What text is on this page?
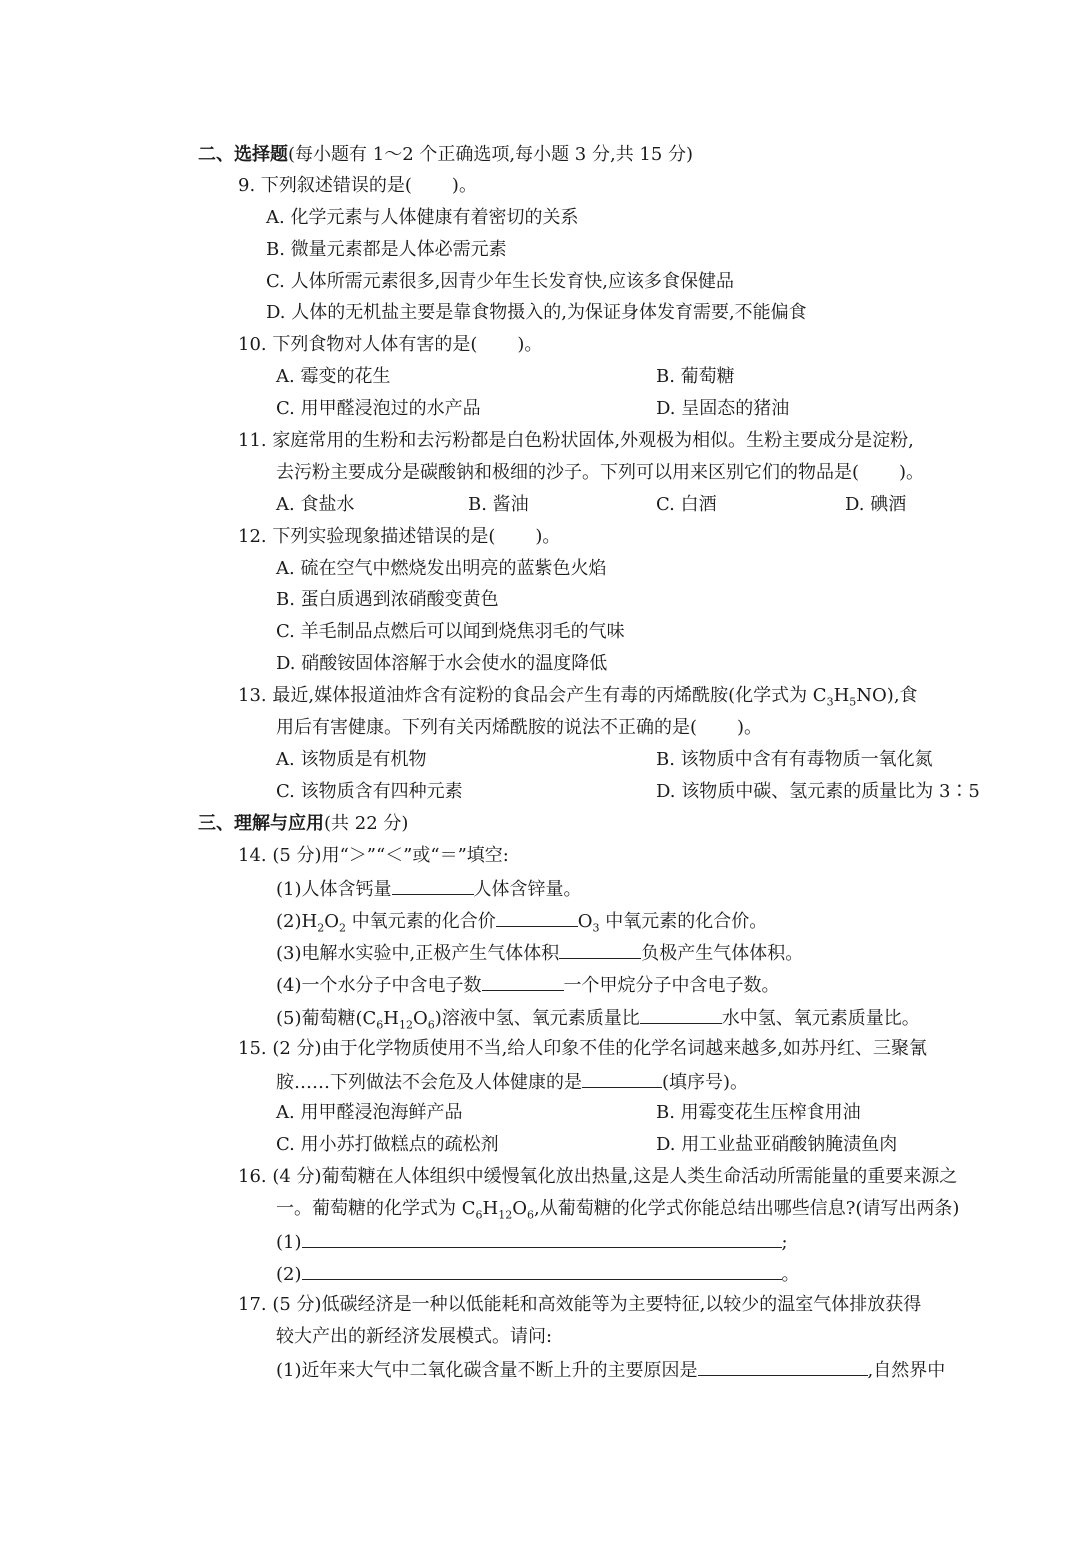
二、选择题(每小题有 1～2 个正确选项,每小题 3 分,共 15 分)
9. 下列叙述错误的是( )。
A. 化学元素与人体健康有着密切的关系
B. 微量元素都是人体必需元素
C. 人体所需元素很多,因青少年生长发育快,应该多食保健品
D. 人体的无机盐主要是靠食物摄入的,为保证身体发育需要,不能偏食
10. 下列食物对人体有害的是( )。
A. 霉变的花生	B. 葡萄糖
C. 用甲醛浸泡过的水产品	D. 呈固态的猪油
11. 家庭常用的生粉和去污粉都是白色粉状固体,外观极为相似。生粉主要成分是淀粉,
去污粉主要成分是碳酸钠和极细的沙子。下列可以用来区别它们的物品是( )。
A. 食盐水	B. 酱油	C. 白酒	D. 碘酒
12. 下列实验现象描述错误的是( )。
A. 硫在空气中燃烧发出明亮的蓝紫色火焰
B. 蛋白质遇到浓硝酸变黄色
C. 羊毛制品点燃后可以闻到烧焦羽毛的气味
D. 硝酸铵固体溶解于水会使水的温度降低
13. 最近,媒体报道油炸含有淀粉的食品会产生有毒的丙烯酰胺(化学式为 $C_3H_5NO$),食
用后有害健康。下列有关丙烯酰胺的说法不正确的是( )。
A. 该物质是有机物	B. 该物质中含有有毒物质一氧化氮
C. 该物质含有四种元素	D. 该物质中碳、氢元素的质量比为 3∶5
三、理解与应用(共 22 分)
14. (5 分)用“＞”“＜”或“＝”填空:
(1)人体含钙量	人体含锌量。
$(2)H_2O_2$ 中氧元素的化合价	$O_3$ 中氧元素的化合价。
(3)电解水实验中,正极产生气体体积	负极产生气体体积。
(4)一个水分子中含电子数	一个甲烷分子中含电子数。
(5)葡萄糖$(C_6H_{12}O_6)$溶液中氢、氧元素质量比	水中氢、氧元素质量比。
15. (2 分)由于化学物质使用不当,给人印象不佳的化学名词越来越多,如苏丹红、三聚氰
胺……下列做法不会危及人体健康的是	(填序号)。
A. 用甲醛浸泡海鲜产品	B. 用霉变花生压榨食用油
C. 用小苏打做糕点的疏松剂	D. 用工业盐亚硝酸钠腌渍鱼肉
16. (4 分)葡萄糖在人体组织中缓慢氧化放出热量,这是人类生命活动所需能量的重要来源之
一。葡萄糖的化学式为 $C_6H_{12}O_6$,从葡萄糖的化学式你能总结出哪些信息?(请写出两条)
(1)	;
(2)	。
17. (5 分)低碳经济是一种以低能耗和高效能等为主要特征,以较少的温室气体排放获得
较大产出的新经济发展模式。请问:
(1)近年来大气中二氧化碳含量不断上升的主要原因是	,自然界中
